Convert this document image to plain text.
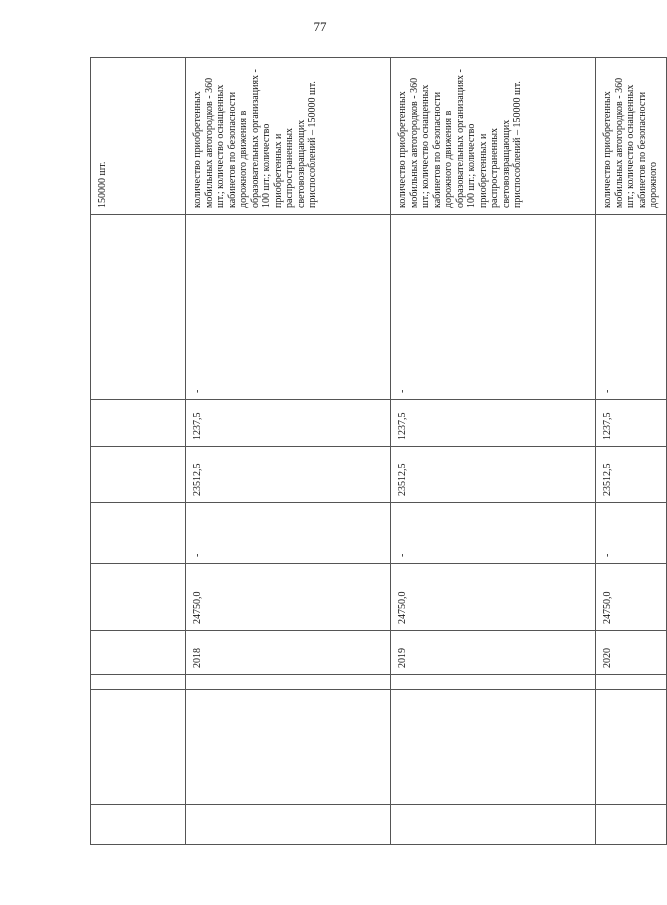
77
									150000 шт.
			2018	24750,0	-	23512,5	1237,5	-	количество приобретенных мобильных автогородков - 360 шт.; количество оснащенных кабинетов по безопасности дорожного движения в образовательных организациях - 100 шт.; количество приобретенных и распространенных световозвращающих приспособлений – 150000 шт.
			2019	24750,0	-	23512,5	1237,5	-	количество приобретенных мобильных автогородков - 360 шт.; количество оснащенных кабинетов по безопасности дорожного движения в образовательных организациях - 100 шт.; количество приобретенных и распространенных световозвращающих приспособлений – 150000 шт.
			2020	24750,0	-	23512,5	1237,5	-	количество приобретенных мобильных автогородков - 360 шт.; количество оснащенных кабинетов по безопасности дорожного
